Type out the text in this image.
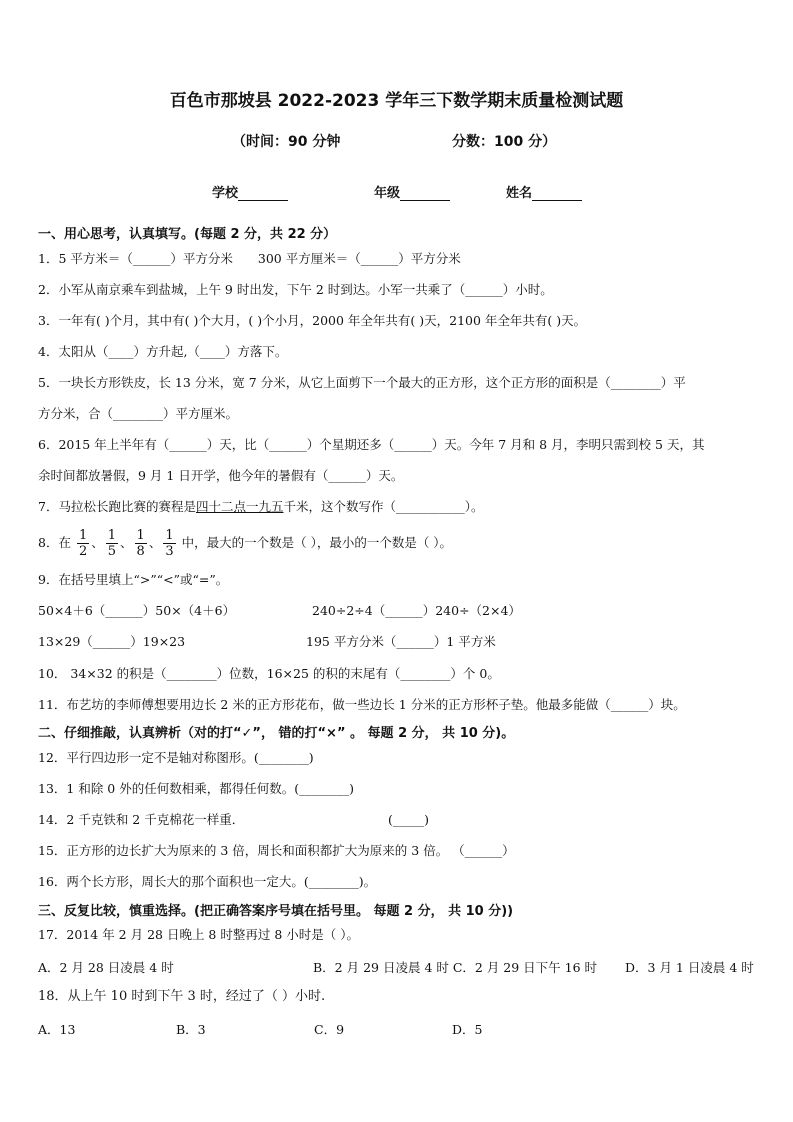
百色市那坡县 2022-2023 学年三下数学期末质量检测试题
（时间：90 分钟	分数：100 分）
学校	年级	姓名
一、用心思考，认真填写。(每题 2 分，共 22 分）
1．5 平方米＝（______）平方分米　　300 平方厘米＝（______）平方分米
2．小军从南京乘车到盐城，上午 9 时出发，下午 2 时到达。小军一共乘了（______）小时。
3．一年有( )个月，其中有( )个大月，( )个小月，2000 年全年共有( )天，2100 年全年共有( )天。
4．太阳从（____）方升起,（____）方落下。
5．一块长方形铁皮，长 13 分米，宽 7 分米，从它上面剪下一个最大的正方形，这个正方形的面积是（________）平
方分米，合（________）平方厘米。
6．2015 年上半年有（______）天，比（______）个星期还多（______）天。今年 7 月和 8 月，李明只需到校 5 天，其
余时间都放暑假，9 月 1 日开学，他今年的暑假有（______）天。
7．马拉松长跑比赛的赛程是四十二点一九五千米，这个数写作（___________）。
8．在 $\frac{1}{2}$ 、 $\frac{1}{5}$ 、 $\frac{1}{8}$ 、 $\frac{1}{3}$ 中，最大的一个数是（ ），最小的一个数是（ ）。
9．在括号里填上“>”“<”或“=”。
50×4＋6（______）50×（4＋6）	240÷2÷4（______）240÷（2×4）
13×29（______）19×23	195 平方分米（______）1 平方米
10． 34×32 的积是（________）位数，16×25 的积的末尾有（________）个 0。
11．布艺坊的李师傅想要用边长 2 米的正方形花布，做一些边长 1 分米的正方形杯子垫。他最多能做（______）块。
二、仔细推敲，认真辨析（对的打“✓”， 错的打“×” 。 每题 2 分， 共 10 分)。
12．平行四边形一定不是轴对称图形。(________)
13．1 和除 0 外的任何数相乘，都得任何数。(________)
14．2 千克铁和 2 千克棉花一样重．	(_____)
15．正方形的边长扩大为原来的 3 倍，周长和面积都扩大为原来的 3 倍。 （______）
16．两个长方形，周长大的那个面积也一定大。(________)。
三、反复比较，慎重选择。(把正确答案序号填在括号里。 每题 2 分， 共 10 分))
17．2014 年 2 月 28 日晚上 8 时整再过 8 小时是（ ）。
A．2 月 28 日凌晨 4 时	B．2 月 29 日凌晨 4 时 C．2 月 29 日下午 16 时 D．3 月 1 日凌晨 4 时
18．从上午 10 时到下午 3 时，经过了（ ）小时.
A．13	B．3	C．9	D．5
